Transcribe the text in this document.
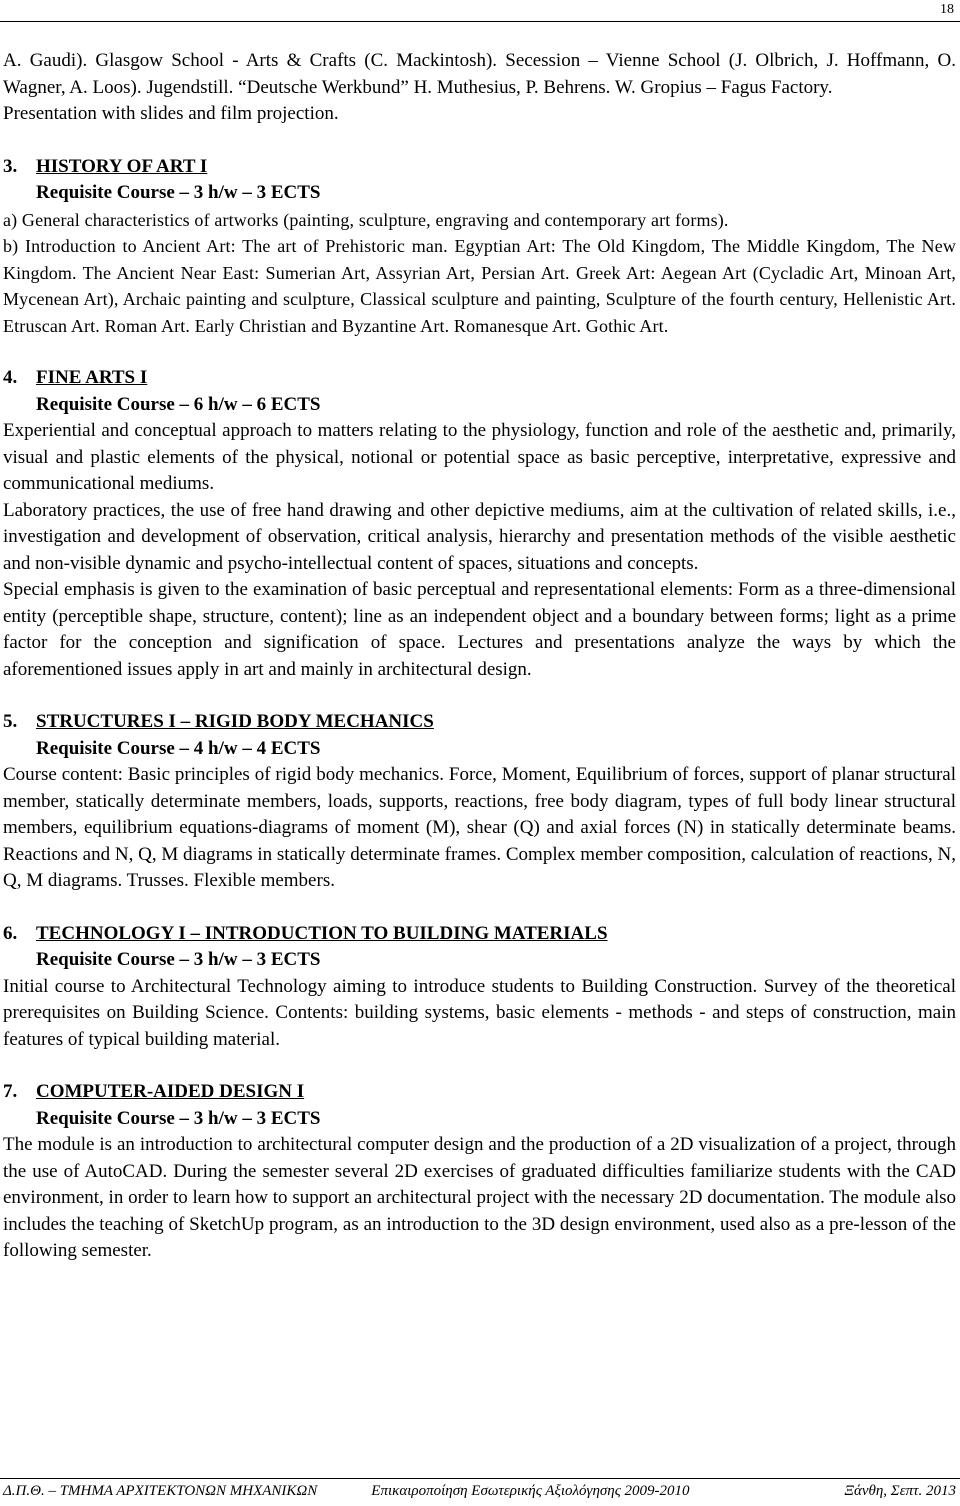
18

A. Gaudi). Glasgow School - Arts & Crafts (C. Mackintosh). Secession – Vienne School (J. Olbrich, J. Hoffmann, O. Wagner, A. Loos). Jugendstill. “Deutsche Werkbund” H. Muthesius, P. Behrens. W. Gropius – Fagus Factory.

Presentation with slides and film projection.

3. HISTORY OF ART I
Requisite Course – 3 h/w – 3 ECTS

a) General characteristics of artworks (painting, sculpture, engraving and contemporary art forms).

b) Introduction to Ancient Art: The art of Prehistoric man. Egyptian Art: The Old Kingdom, The Middle Kingdom, The New Kingdom. The Ancient Near East: Sumerian Art, Assyrian Art, Persian Art. Greek Art: Aegean Art (Cycladic Art, Minoan Art, Mycenean Art), Archaic painting and sculpture, Classical sculpture and painting, Sculpture of the fourth century, Hellenistic Art. Etruscan Art. Roman Art. Early Christian and Byzantine Art. Romanesque Art. Gothic Art.

4. FINE ARTS I
Requisite Course – 6 h/w – 6 ECTS

Experiential and conceptual approach to matters relating to the physiology, function and role of the aesthetic and, primarily, visual and plastic elements of the physical, notional or potential space as basic perceptive, interpretative, expressive and communicational mediums.

Laboratory practices, the use of free hand drawing and other depictive mediums, aim at the cultivation of related skills, i.e., investigation and development of observation, critical analysis, hierarchy and presentation methods of the visible aesthetic and non-visible dynamic and psycho-intellectual content of spaces, situations and concepts.

Special emphasis is given to the examination of basic perceptual and representational elements: Form as a three-dimensional entity (perceptible shape, structure, content); line as an independent object and a boundary between forms; light as a prime factor for the conception and signification of space. Lectures and presentations analyze the ways by which the aforementioned issues apply in art and mainly in architectural design.

5. STRUCTURES I – RIGID BODY MECHANICS
Requisite Course – 4 h/w – 4 ECTS

Course content: Basic principles of rigid body mechanics. Force, Moment, Equilibrium of forces, support of planar structural member, statically determinate members, loads, supports, reactions, free body diagram, types of full body linear structural members, equilibrium equations-diagrams of moment (M), shear (Q) and axial forces (N) in statically determinate beams. Reactions and N, Q, M diagrams in statically determinate frames. Complex member composition, calculation of reactions, N, Q, M diagrams. Trusses. Flexible members.

6. TECHNOLOGY I – INTRODUCTION TO BUILDING MATERIALS
Requisite Course – 3 h/w – 3 ECTS

Initial course to Architectural Technology aiming to introduce students to Building Construction. Survey of the theoretical prerequisites on Building Science. Contents: building systems, basic elements - methods - and steps of construction, main features of typical building material.

7. COMPUTER-AIDED DESIGN I
Requisite Course – 3 h/w – 3 ECTS

The module is an introduction to architectural computer design and the production of a 2D visualization of a project, through the use of AutoCAD. During the semester several 2D exercises of graduated difficulties familiarize students with the CAD environment, in order to learn how to support an architectural project with the necessary 2D documentation. The module also includes the teaching of SketchUp program, as an introduction to the 3D design environment, used also as a pre-lesson of the following semester.

Δ.Π.Θ. – ΤΜΗΜΑ ΑΡΧΙΤΕΚΤΟΝΩΝ ΜΗΧΑΝΙΚΩΝ	Επικαιροποίηση Εσωτερικής Αξιολόγησης 2009-2010	Ξάνθη, Σεπτ. 2013
